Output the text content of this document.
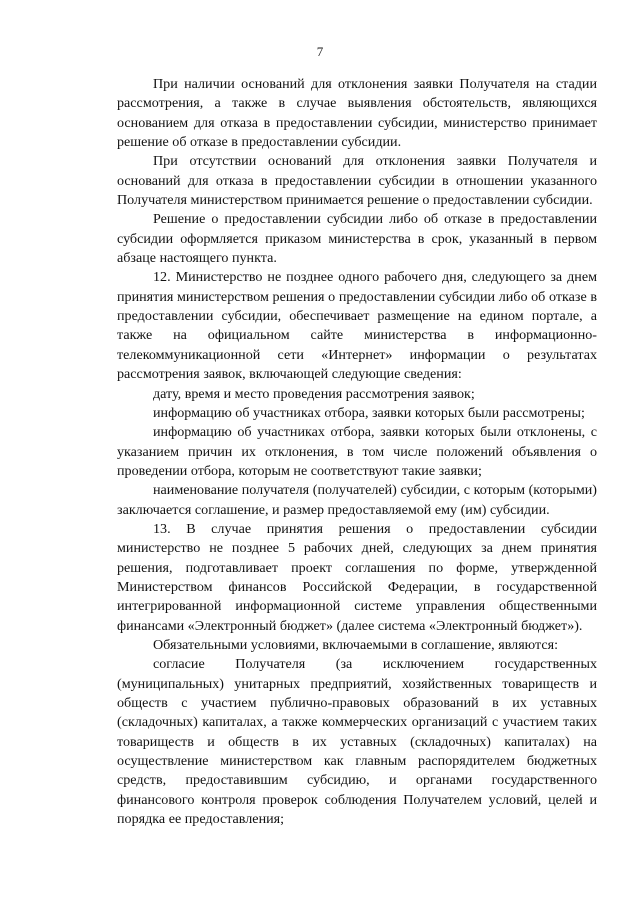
7

При наличии оснований для отклонения заявки Получателя на стадии рассмотрения, а также в случае выявления обстоятельств, являющихся основанием для отказа в предоставлении субсидии, министерство принимает решение об отказе в предоставлении субсидии.

При отсутствии оснований для отклонения заявки Получателя и оснований для отказа в предоставлении субсидии в отношении указанного Получателя министерством принимается решение о предоставлении субсидии.

Решение о предоставлении субсидии либо об отказе в предоставлении субсидии оформляется приказом министерства в срок, указанный в первом абзаце настоящего пункта.

12. Министерство не позднее одного рабочего дня, следующего за днем принятия министерством решения о предоставлении субсидии либо об отказе в предоставлении субсидии, обеспечивает размещение на едином портале, а также на официальном сайте министерства в информационно-телекоммуникационной сети «Интернет» информации о результатах рассмотрения заявок, включающей следующие сведения:

дату, время и место проведения рассмотрения заявок;

информацию об участниках отбора, заявки которых были рассмотрены;

информацию об участниках отбора, заявки которых были отклонены, с указанием причин их отклонения, в том числе положений объявления о проведении отбора, которым не соответствуют такие заявки;

наименование получателя (получателей) субсидии, с которым (которыми) заключается соглашение, и размер предоставляемой ему (им) субсидии.

13. В случае принятия решения о предоставлении субсидии министерство не позднее 5 рабочих дней, следующих за днем принятия решения, подготавливает проект соглашения по форме, утвержденной Министерством финансов Российской Федерации, в государственной интегрированной информационной системе управления общественными финансами «Электронный бюджет» (далее система «Электронный бюджет»).

Обязательными условиями, включаемыми в соглашение, являются:

согласие Получателя (за исключением государственных (муниципальных) унитарных предприятий, хозяйственных товариществ и обществ с участием публично-правовых образований в их уставных (складочных) капиталах, а также коммерческих организаций с участием таких товариществ и обществ в их уставных (складочных) капиталах) на осуществление министерством как главным распорядителем бюджетных средств, предоставившим субсидию, и органами государственного финансового контроля проверок соблюдения Получателем условий, целей и порядка ее предоставления;
